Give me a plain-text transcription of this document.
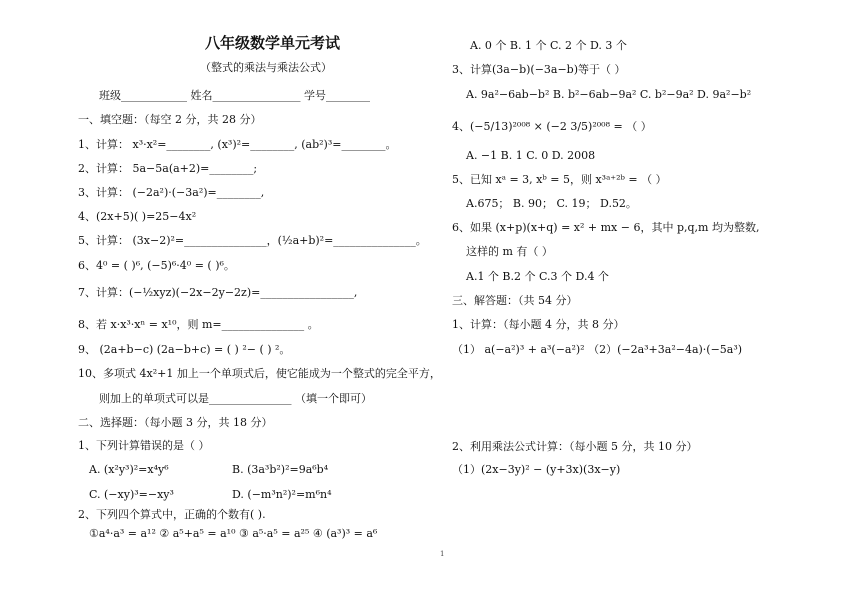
八年级数学单元考试
（整式的乘法与乘法公式）
班级____________ 姓名________________ 学号________
一、填空题：（每空 2 分，共 28 分）
1、计算： x³·x²=________, (x³)²=________, (ab²)³=________。
2、计算： 5a−5a(a+2)=________;
3、计算： (−2a²)·(−3a²)=________,
4、(2x+5)( )=25−4x²
5、计算： (3x−2)²=_______________，(½a+b)²=_______________。
6、4⁰ = ( )⁶, (−5)⁶·4⁰ = ( )⁶。
7、计算：(−½xyz)(−2x−2y−2z)=_________________,
8、若 x·x³·xⁿ = x¹⁰，则 m=_______________ 。
9、 (2a+b−c) (2a−b+c) = ( ) ²− ( ) ²。
10、多项式 4x²+1 加上一个单项式后，使它能成为一个整式的完全平方，
则加上的单项式可以是_______________ （填一个即可）
二、选择题：（每小题 3 分，共 18 分）
1、下列计算错误的是（ ）
A. (x²y³)²=x⁴y⁶	B. (3a³b²)²=9a⁶b⁴
C. (−xy)³=−xy³	D. (−m³n²)²=m⁶n⁴
2、下列四个算式中，正确的个数有( ).
①a⁴·a³ = a¹² ② a⁵+a⁵ = a¹⁰ ③ a⁵·a⁵ = a²⁵ ④ (a³)³ = a⁶
1
A. 0 个 B. 1 个 C. 2 个 D. 3 个
3、计算(3a−b)(−3a−b)等于（ ）
A. 9a²−6ab−b² B. b²−6ab−9a² C. b²−9a² D. 9a²−b²
4、(−5/13)²⁰⁰⁸ × (−2 3/5)²⁰⁰⁸ = （ ）
A. −1 B. 1 C. 0 D. 2008
5、已知 xᵃ = 3, xᵇ = 5，则 x³ᵃ⁺²ᵇ = （ ）
A.675； B. 90； C. 19； D.52。
6、如果 (x+p)(x+q) = x² + mx − 6，其中 p,q,m 均为整数,
这样的 m 有（ ）
A.1 个 B.2 个 C.3 个 D.4 个
三、解答题：（共 54 分）
1、计算：（每小题 4 分，共 8 分）
（1） a(−a²)³ + a³(−a²)² （2）(−2a³+3a²−4a)·(−5a³)
2、利用乘法公式计算：（每小题 5 分，共 10 分）
（1）(2x−3y)² − (y+3x)(3x−y)
